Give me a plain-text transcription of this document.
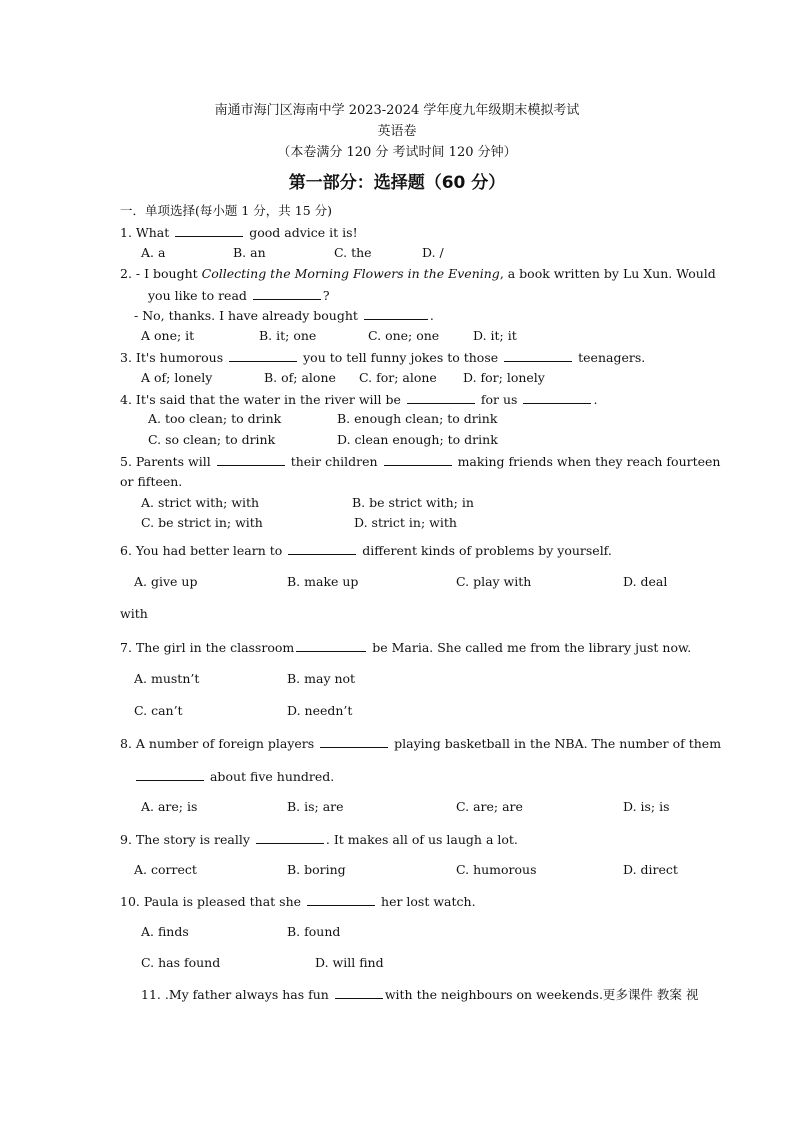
南通市海门区海南中学 2023-2024 学年度九年级期末模拟考试
英语卷
（本卷满分 120 分 考试时间 120 分钟）
第一部分：选择题（60 分）
一．单项选择(每小题 1 分，共 15 分)
1. What	good advice it is!
A. a	B. an	C. the	D. /
2. - I bought Collecting the Morning Flowers in the Evening, a book written by Lu Xun. Would
you like to read	?
- No, thanks. I have already bought	.
A one; it	B. it; one	C. one; one	D. it; it
3. It's humorous	you to tell funny jokes to those	teenagers.
A of; lonely	B. of; alone C. for; alone D. for; lonely
4. It's said that the water in the river will be	for us	.
A. too clean; to drink	B. enough clean; to drink
C. so clean; to drink	D. clean enough; to drink
5. Parents will	their children	making friends when they reach fourteen
or fifteen.
A. strict with; with	B. be strict with; in
C. be strict in; with	D. strict in; with
6. You had better learn to	different kinds of problems by yourself.
A. give up	B. make up	C. play with	D. deal
with
7. The girl in the classroom	be Maria. She called me from the library just now.
A. mustn’t	B. may not
C. can’t	D. needn’t
8. A number of foreign players	playing basketball in the NBA. The number of them
about five hundred.
A. are; is	B. is; are	C. are; are	D. is; is
9. The story is really	. It makes all of us laugh a lot.
A. correct	B. boring	C. humorous	D. direct
10. Paula is pleased that she	her lost watch.
A. finds	B. found
C. has found	D. will find
11. .My father always has fun	with the neighbours on weekends.更多课件 教案 视
